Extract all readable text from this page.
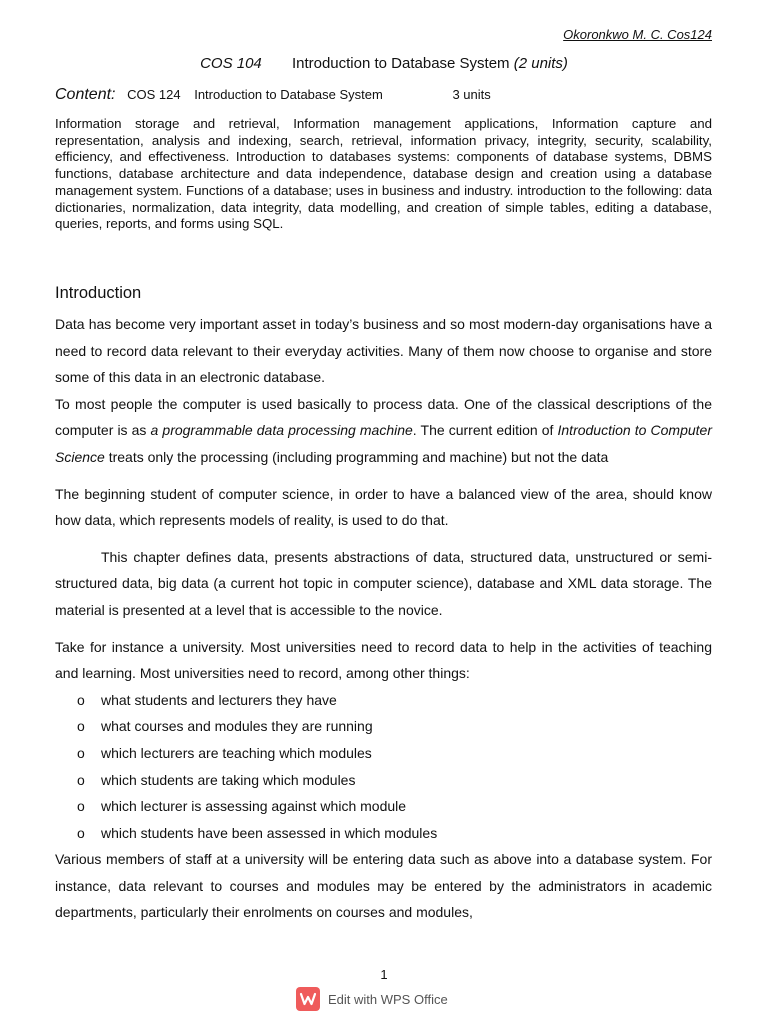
Okoronkwo M. C. Cos124
COS 104 Introduction to Database System (2 units)
Content: COS 124 Introduction to Database System	3 units

Information storage and retrieval, Information management applications, Information capture and representation, analysis and indexing, search, retrieval, information privacy, integrity, security, scalability, efficiency, and effectiveness. Introduction to databases systems: components of database systems, DBMS functions, database architecture and data independence, database design and creation using a database management system. Functions of a database; uses in business and industry. introduction to the following: data dictionaries, normalization, data integrity, data modelling, and creation of simple tables, editing a database, queries, reports, and forms using SQL.

Introduction

Data has become very important asset in today’s business and so most modern-day organisations have a need to record data relevant to their everyday activities. Many of them now choose to organise and store some of this data in an electronic database.

To most people the computer is used basically to process data. One of the classical descriptions of the computer is as a programmable data processing machine. The current edition of Introduction to Computer Science treats only the processing (including programming and machine) but not the data

The beginning student of computer science, in order to have a balanced view of the area, should know how data, which represents models of reality, is used to do that.

This chapter defines data, presents abstractions of data, structured data, unstructured or semi-structured data, big data (a current hot topic in computer science), database and XML data storage. The material is presented at a level that is accessible to the novice.

Take for instance a university. Most universities need to record data to help in the activities of teaching and learning. Most universities need to record, among other things:

o what students and lecturers they have
o what courses and modules they are running
o which lecturers are teaching which modules
o which students are taking which modules
o which lecturer is assessing against which module
o which students have been assessed in which modules

Various members of staff at a university will be entering data such as above into a database system. For instance, data relevant to courses and modules may be entered by the administrators in academic departments, particularly their enrolments on courses and modules,

1
Edit with WPS Office
